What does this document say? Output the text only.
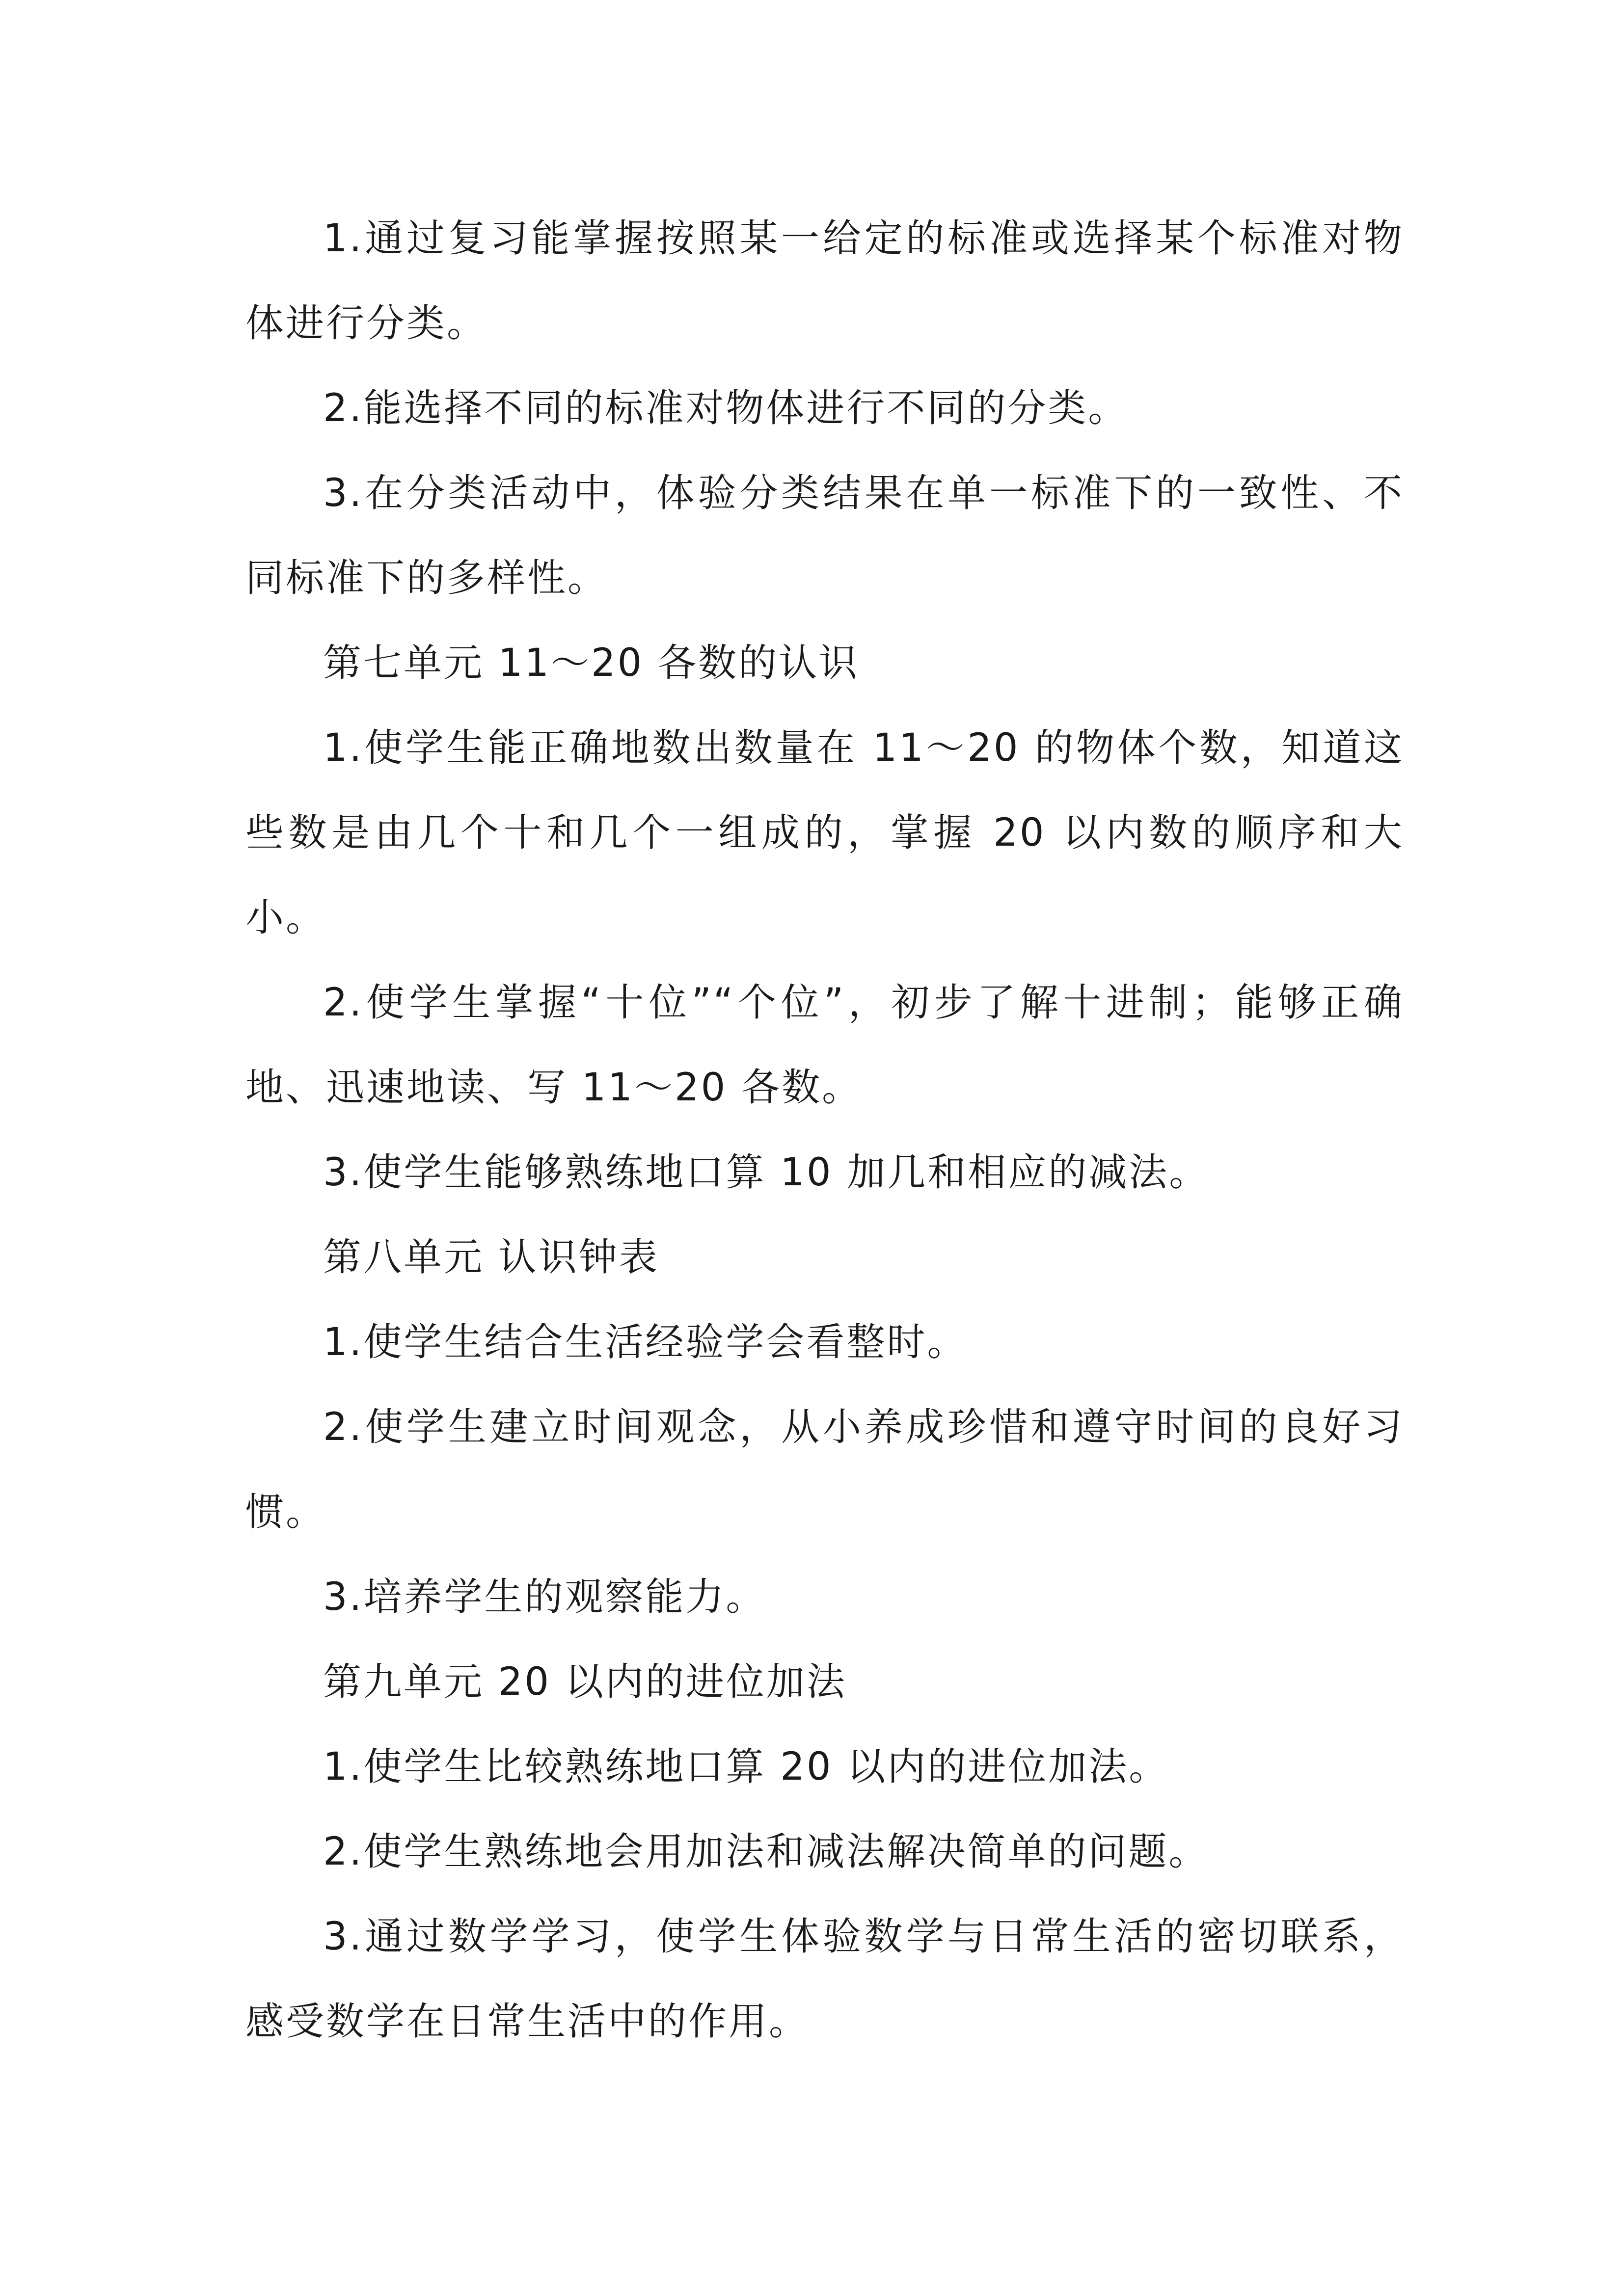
1.通过复习能掌握按照某一给定的标准或选择某个标准对物体进行分类。

2.能选择不同的标准对物体进行不同的分类。

3.在分类活动中，体验分类结果在单一标准下的一致性、不同标准下的多样性。

第七单元 11～20 各数的认识

1.使学生能正确地数出数量在 11～20 的物体个数，知道这些数是由几个十和几个一组成的，掌握 20 以内数的顺序和大小。

2.使学生掌握“十位”“个位”，初步了解十进制；能够正确地、迅速地读、写 11～20 各数。

3.使学生能够熟练地口算 10 加几和相应的减法。

第八单元 认识钟表

1.使学生结合生活经验学会看整时。

2.使学生建立时间观念，从小养成珍惜和遵守时间的良好习惯。

3.培养学生的观察能力。

第九单元 20 以内的进位加法

1.使学生比较熟练地口算 20 以内的进位加法。

2.使学生熟练地会用加法和减法解决简单的问题。

3.通过数学学习，使学生体验数学与日常生活的密切联系，感受数学在日常生活中的作用。
